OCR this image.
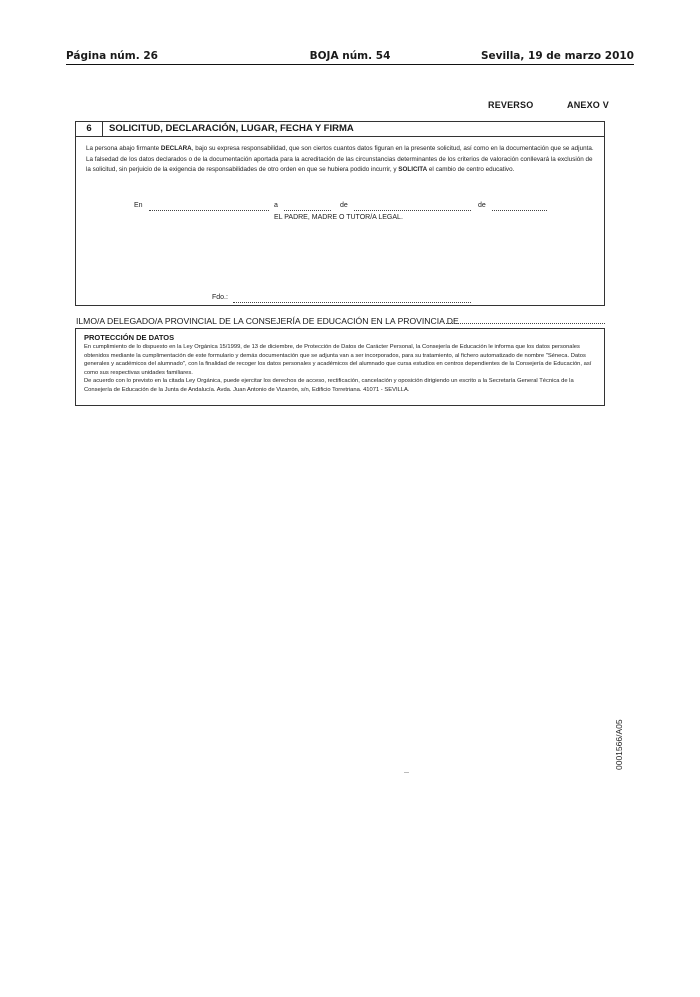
BOJA núm. 54
Página núm. 26	Sevilla, 19 de marzo 2010
REVERSO	ANEXO V
6	SOLICITUD, DECLARACIÓN, LUGAR, FECHA Y FIRMA
La persona abajo firmante DECLARA, bajo su expresa responsabilidad, que son ciertos cuantos datos figuran en la presente solicitud, así como en la documentación que se adjunta. La falsedad de los datos declarados o de la documentación aportada para la acreditación de las circunstancias determinantes de los criterios de valoración conllevará la exclusión de la solicitud, sin perjuicio de la exigencia de responsabilidades de otro orden en que se hubiera podido incurrir, y SOLICITA el cambio de centro educativo.
En	a	de	de
EL PADRE, MADRE O TUTOR/A LEGAL.
Fdo.:
ILMO/A DELEGADO/A PROVINCIAL DE LA CONSEJERÍA DE EDUCACIÓN EN LA PROVINCIA DE
PROTECCIÓN DE DATOS

En cumplimiento de lo dispuesto en la Ley Orgánica 15/1999, de 13 de diciembre, de Protección de Datos de Carácter Personal, la Consejería de Educación le informa que los datos personales obtenidos mediante la cumplimentación de este formulario y demás documentación que se adjunta van a ser incorporados, para su tratamiento, al fichero automatizado de nombre "Séneca. Datos generales y académicos del alumnado", con la finalidad de recoger los datos personales y académicos del alumnado que cursa estudios en centros dependientes de la Consejería de Educación, así como sus respectivas unidades familiares.

De acuerdo con lo previsto en la citada Ley Orgánica, puede ejercitar los derechos de acceso, rectificación, cancelación y oposición dirigiendo un escrito a la Secretaría General Técnica de la Consejería de Educación de la Junta de Andalucía. Avda. Juan Antonio de Vizarrón, s/n, Edificio Torretriana. 41071 - SEVILLA.

0001566/A05
